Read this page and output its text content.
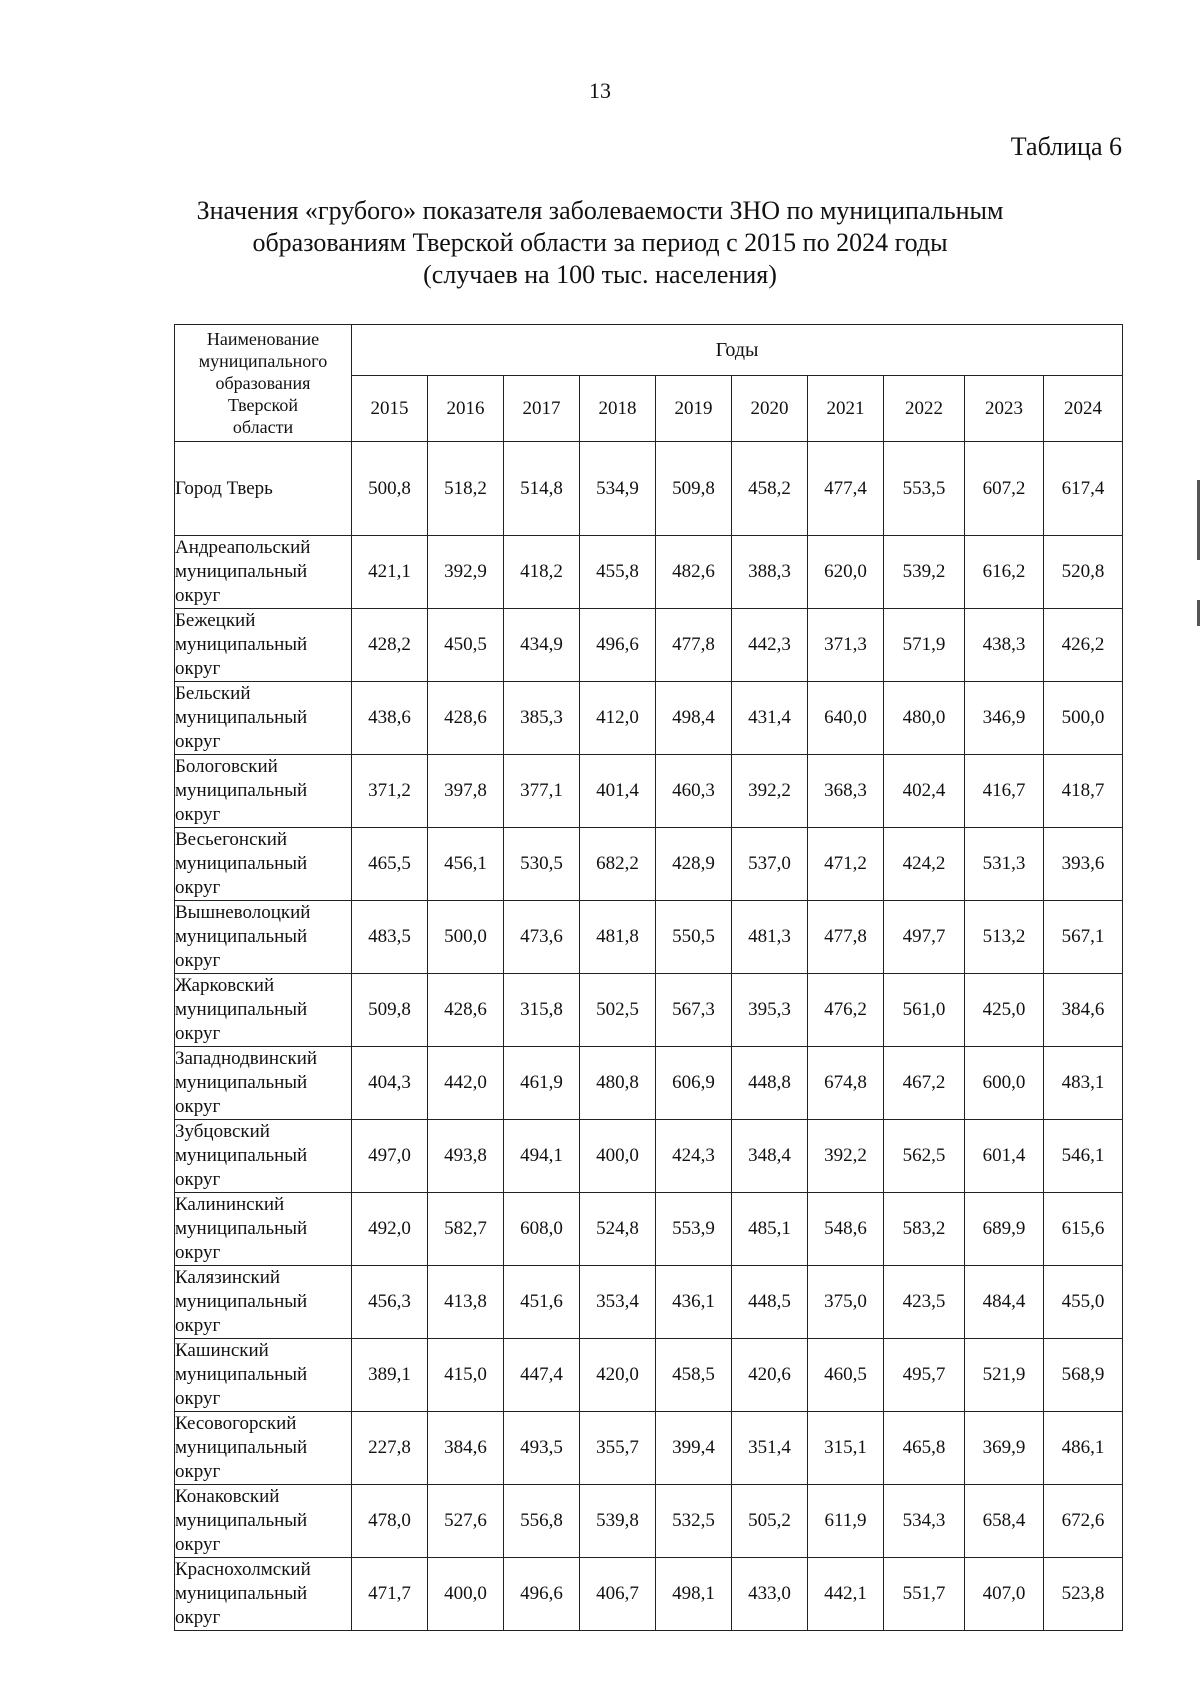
13
Таблица 6
Значения «грубого» показателя заболеваемости ЗНО по муниципальным
образованиям Тверской области за период с 2015 по 2024 годы
(случаев на 100 тыс. населения)
Наименование
муниципального
образования
Тверской
области	Годы									
	2015	2016	2017	2018	2019	2020	2021	2022	2023	2024

Город Тверь	500,8	518,2	514,8	534,9	509,8	458,2	477,4	553,5	607,2	617,4

Андреапольский
муниципальный
округ	421,1	392,9	418,2	455,8	482,6	388,3	620,0	539,2	616,2	520,8

Бежецкий
муниципальный
округ	428,2	450,5	434,9	496,6	477,8	442,3	371,3	571,9	438,3	426,2

Бельский
муниципальный
округ	438,6	428,6	385,3	412,0	498,4	431,4	640,0	480,0	346,9	500,0

Бологовский
муниципальный
округ	371,2	397,8	377,1	401,4	460,3	392,2	368,3	402,4	416,7	418,7

Весьегонский
муниципальный
округ	465,5	456,1	530,5	682,2	428,9	537,0	471,2	424,2	531,3	393,6

Вышневолоцкий
муниципальный
округ	483,5	500,0	473,6	481,8	550,5	481,3	477,8	497,7	513,2	567,1

Жарковский
муниципальный
округ	509,8	428,6	315,8	502,5	567,3	395,3	476,2	561,0	425,0	384,6

Западнодвинский
муниципальный
округ	404,3	442,0	461,9	480,8	606,9	448,8	674,8	467,2	600,0	483,1

Зубцовский
муниципальный
округ	497,0	493,8	494,1	400,0	424,3	348,4	392,2	562,5	601,4	546,1

Калининский
муниципальный
округ	492,0	582,7	608,0	524,8	553,9	485,1	548,6	583,2	689,9	615,6

Калязинский
муниципальный
округ	456,3	413,8	451,6	353,4	436,1	448,5	375,0	423,5	484,4	455,0

Кашинский
муниципальный
округ	389,1	415,0	447,4	420,0	458,5	420,6	460,5	495,7	521,9	568,9

Кесовогорский
муниципальный
округ	227,8	384,6	493,5	355,7	399,4	351,4	315,1	465,8	369,9	486,1

Конаковский
муниципальный
округ	478,0	527,6	556,8	539,8	532,5	505,2	611,9	534,3	658,4	672,6

Краснохолмский
муниципальный
округ	471,7	400,0	496,6	406,7	498,1	433,0	442,1	551,7	407,0	523,8
